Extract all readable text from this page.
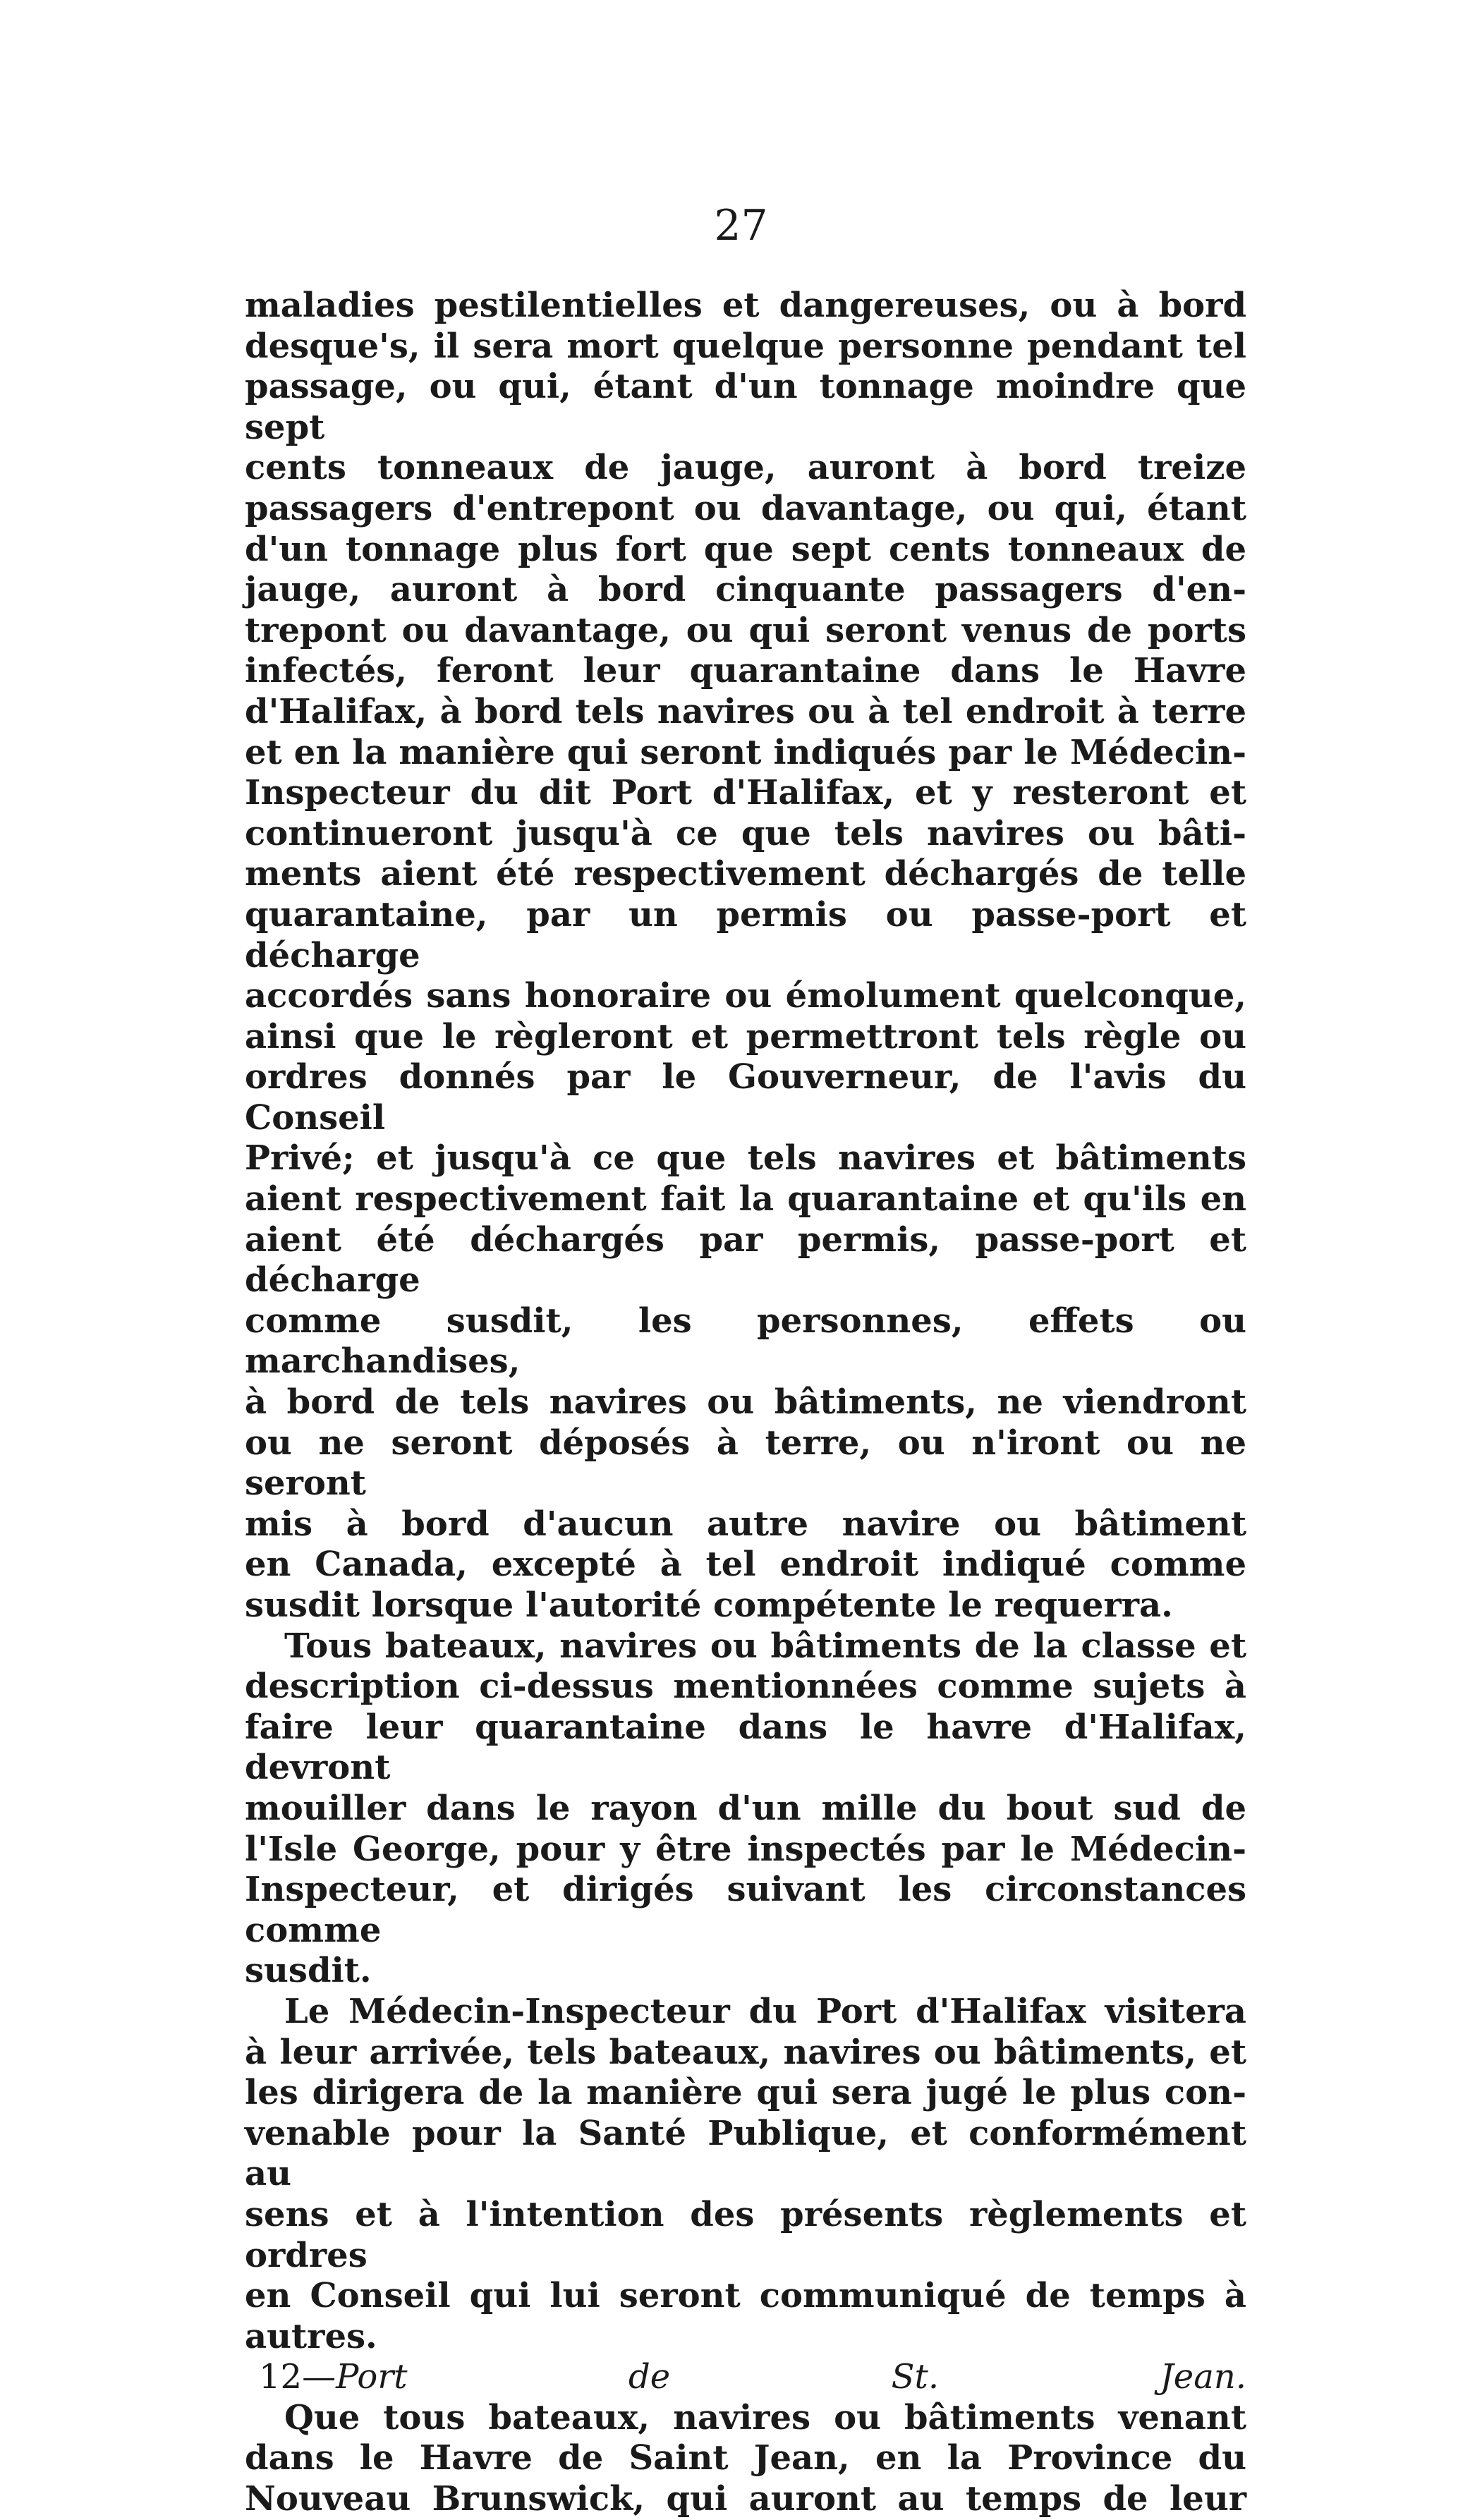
27

maladies pestilentielles et dangereuses, ou à bord

desque's, il sera mort quelque personne pendant tel

passage, ou qui, étant d'un tonnage moindre que sept

cents tonneaux de jauge, auront à bord treize

passagers d'entrepont ou davantage, ou qui, étant

d'un tonnage plus fort que sept cents tonneaux de

jauge, auront à bord cinquante passagers d'en-

trepont ou davantage, ou qui seront venus de ports

infectés, feront leur quarantaine dans le Havre

d'Halifax, à bord tels navires ou à tel endroit à terre

et en la manière qui seront indiqués par le Médecin-

Inspecteur du dit Port d'Halifax, et y resteront et

continueront jusqu'à ce que tels navires ou bâti-

ments aient été respectivement déchargés de telle

quarantaine, par un permis ou passe-port et décharge

accordés sans honoraire ou émolument quelconque,

ainsi que le règleront et permettront tels règle ou

ordres donnés par le Gouverneur, de l'avis du Conseil

Privé; et jusqu'à ce que tels navires et bâtiments

aient respectivement fait la quarantaine et qu'ils en

aient été déchargés par permis, passe-port et décharge

comme susdit, les personnes, effets ou marchandises,

à bord de tels navires ou bâtiments, ne viendront

ou ne seront déposés à terre, ou n'iront ou ne seront

mis à bord d'aucun autre navire ou bâtiment

en Canada, excepté à tel endroit indiqué comme

susdit lorsque l'autorité compétente le requerra.

Tous bateaux, navires ou bâtiments de la classe et

description ci-dessus mentionnées comme sujets à

faire leur quarantaine dans le havre d'Halifax, devront

mouiller dans le rayon d'un mille du bout sud de

l'Isle George, pour y être inspectés par le Médecin-

Inspecteur, et dirigés suivant les circonstances comme

susdit.

Le Médecin-Inspecteur du Port d'Halifax visitera

à leur arrivée, tels bateaux, navires ou bâtiments, et

les dirigera de la manière qui sera jugé le plus con-

venable pour la Santé Publique, et conformément au

sens et à l'intention des présents règlements et ordres

en Conseil qui lui seront communiqué de temps à

autres.

12—Port de St. Jean.

Que tous bateaux, navires ou bâtiments venant

dans le Havre de Saint Jean, en la Province du

Nouveau Brunswick, qui auront au temps de leur
